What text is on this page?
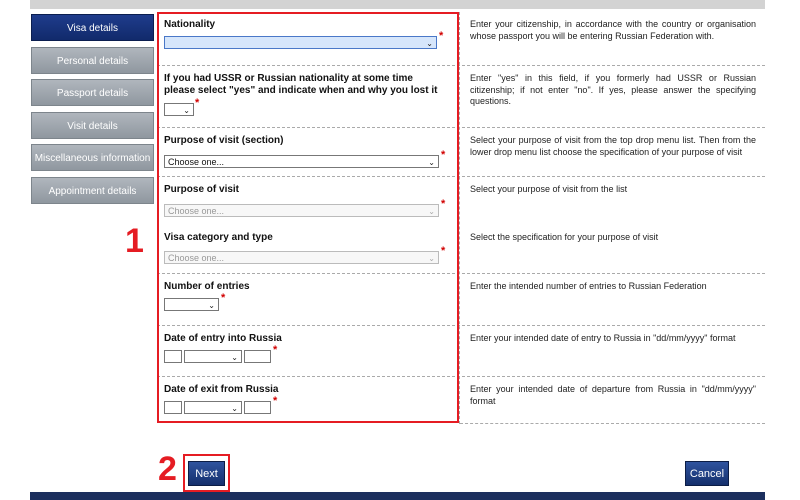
Visa details
Personal details
Passport details
Visit details
Miscellaneous information
Appointment details
Nationality
⌄
*
Enter your citizenship, in accordance with the country or organisation whose passport you will be entering Russian Federation with.
If you had USSR or Russian nationality at some time please select "yes" and indicate when and why you lost it
⌄
*
Enter "yes" in this field, if you formerly had USSR or Russian citizenship; if not enter "no". If yes, please answer the specifying questions.
Purpose of visit (section)
Choose one...	⌄
*
Select your purpose of visit from the top drop menu list. Then from the lower drop menu list choose the specification of your purpose of visit
Purpose of visit
Choose one...	⌄
*
Select your purpose of visit from the list
Visa category and type
Choose one...	⌄
*
Select the specification for your purpose of visit
Number of entries
⌄
*
Enter the intended number of entries to Russian Federation
Date of entry into Russia
⌄
*
Enter your intended date of entry to Russia in "dd/mm/yyyy" format
Date of exit from Russia
⌄
*
Enter your intended date of departure from Russia in "dd/mm/yyyy" format
1
2	Next	Cancel
